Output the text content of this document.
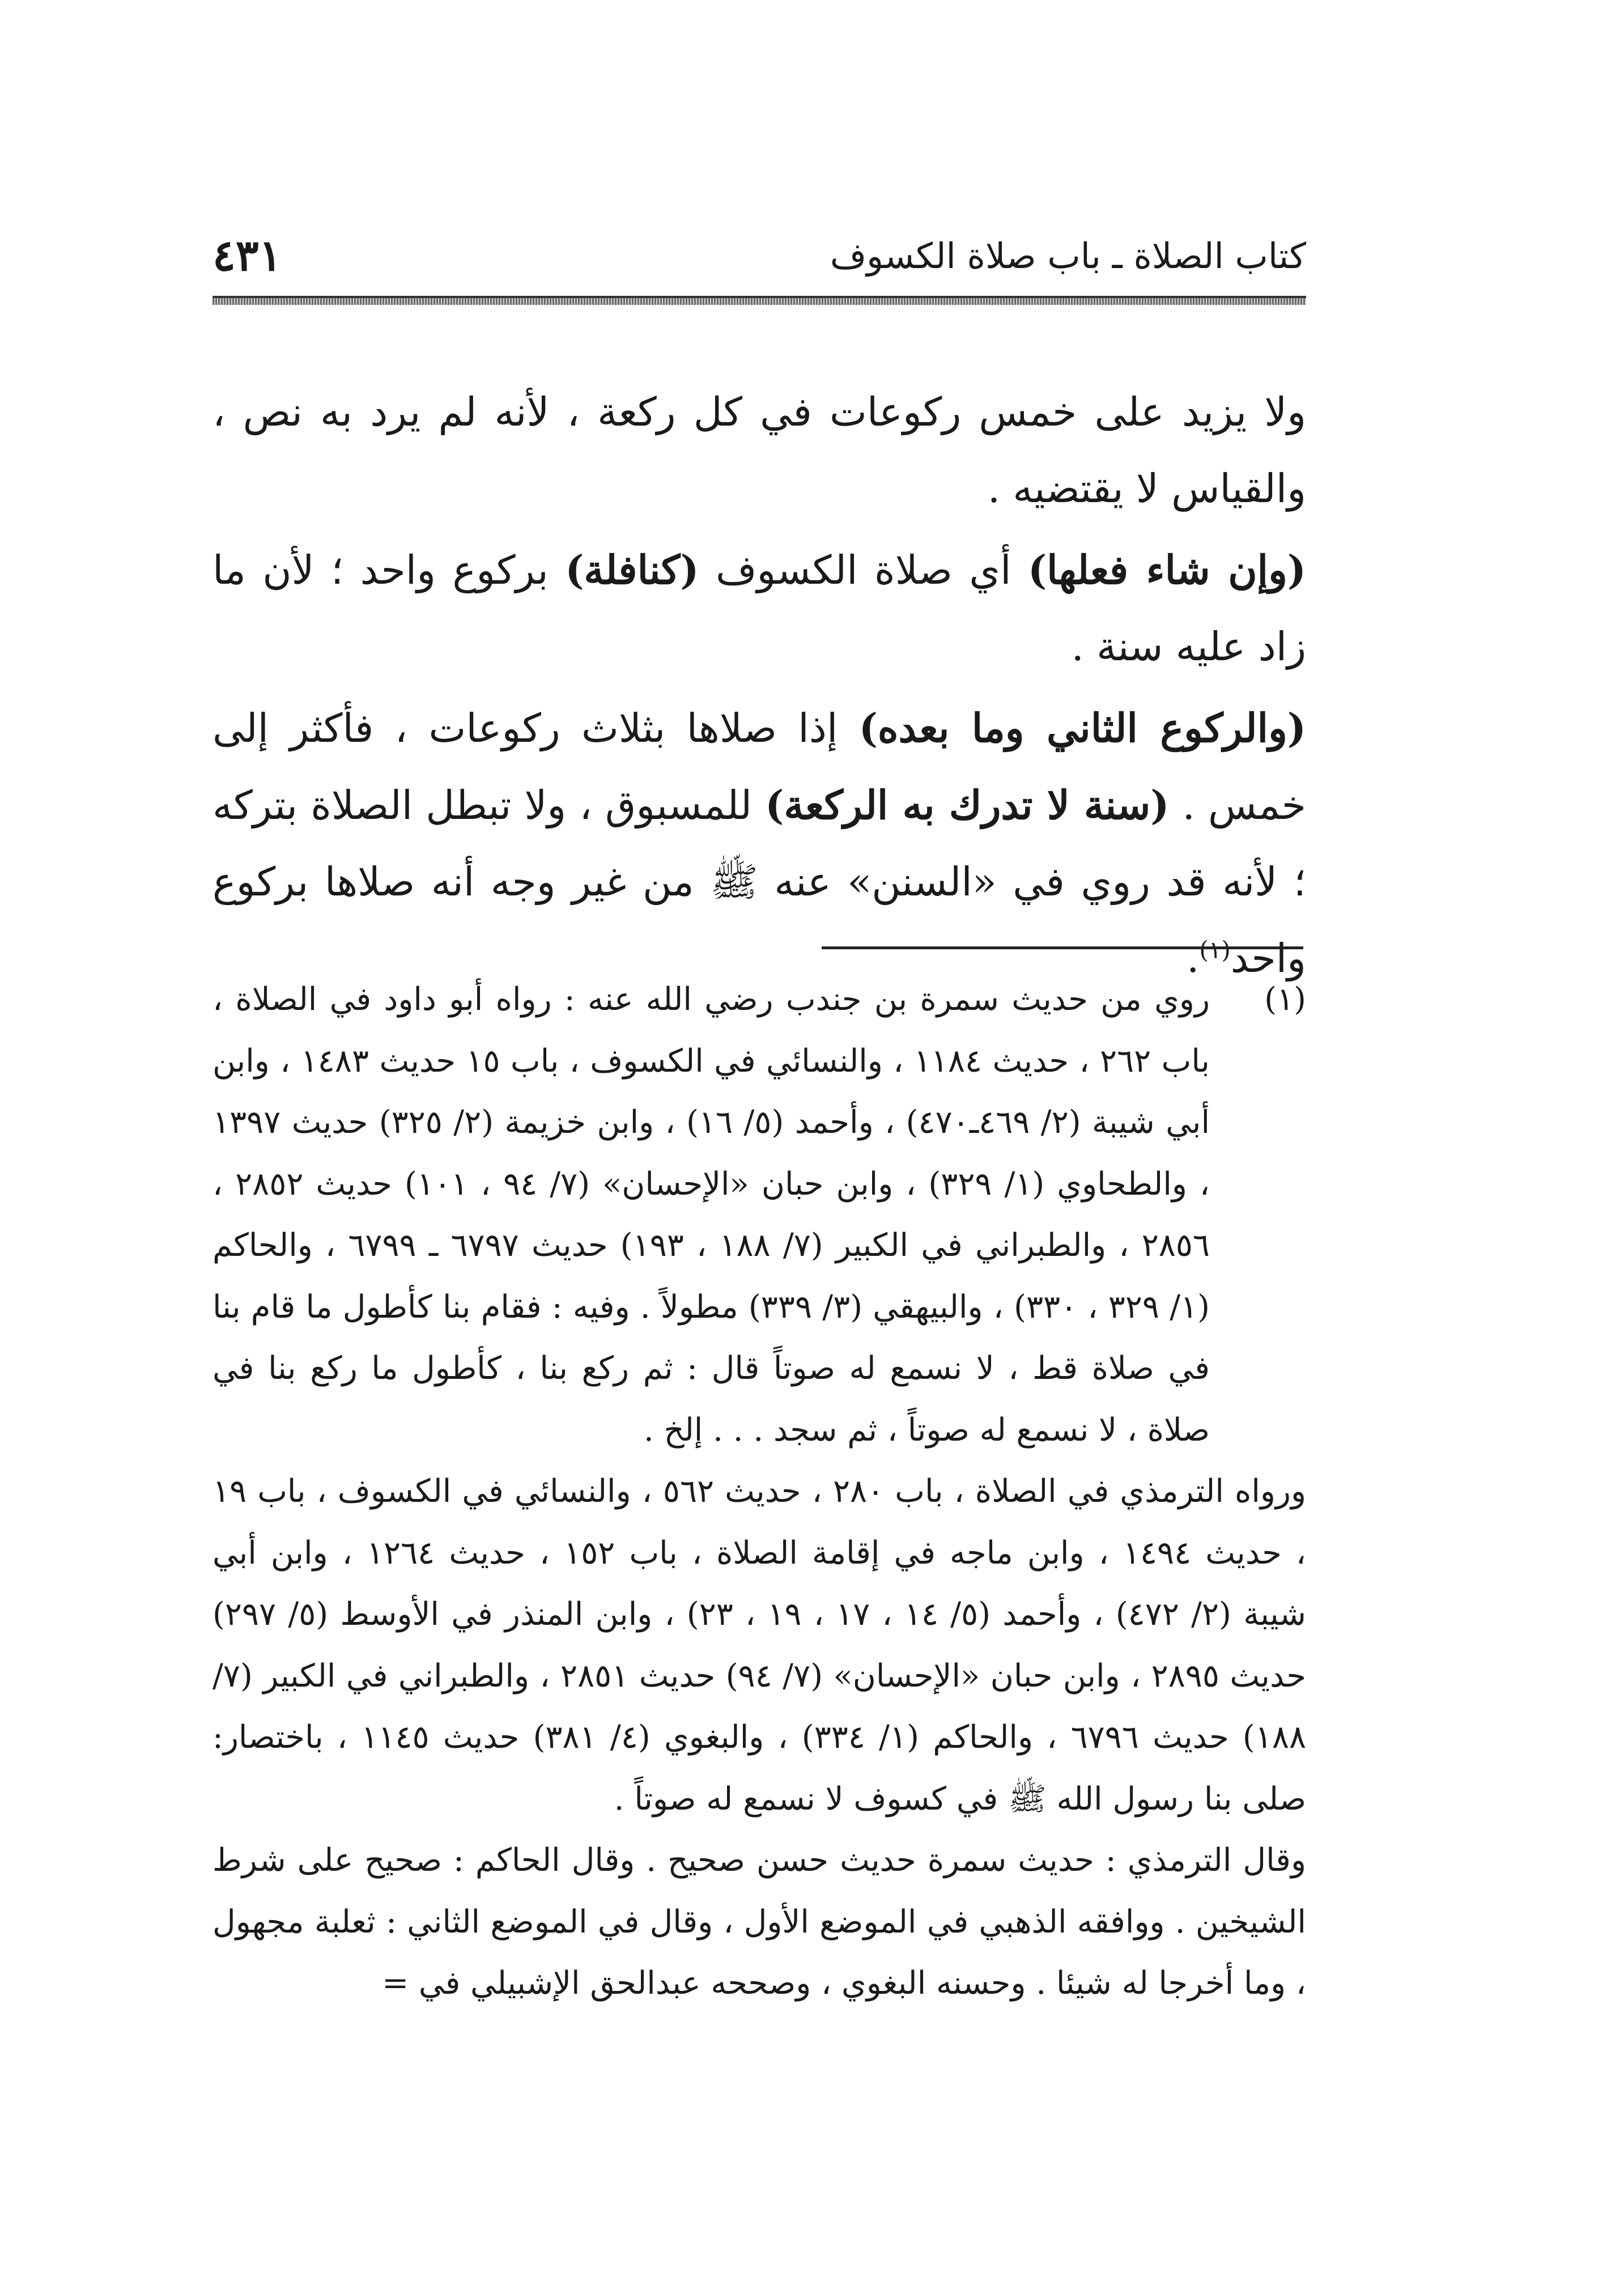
كتاب الصلاة ـ باب صلاة الكسوف
٤٣١

ولا يزيد على خمس ركوعات في كل ركعة ، لأنه لم يرد به نص ، والقياس لا يقتضيه .

(وإن شاء فعلها) أي صلاة الكسوف (كنافلة) بركوع واحد ؛ لأن ما زاد عليه سنة .

(والركوع الثاني وما بعده) إذا صلاها بثلاث ركوعات ، فأكثر إلى خمس . (سنة لا تدرك به الركعة) للمسبوق ، ولا تبطل الصلاة بتركه ؛ لأنه قد روي في «السنن» عنه ﷺ من غير وجه أنه صلاها بركوع واحد$^{(١)}$.

(١)
روي من حديث سمرة بن جندب رضي الله عنه : رواه أبو داود في الصلاة ، باب ٢٦٢ ، حديث ١١٨٤ ، والنسائي في الكسوف ، باب ١٥ حديث ١٤٨٣ ، وابن أبي شيبة (٢/ ٤٦٩ـ٤٧٠) ، وأحمد (٥/ ١٦) ، وابن خزيمة (٢/ ٣٢٥) حديث ١٣٩٧ ، والطحاوي (١/ ٣٢٩) ، وابن حبان «الإحسان» (٧/ ٩٤ ، ١٠١) حديث ٢٨٥٢ ، ٢٨٥٦ ، والطبراني في الكبير (٧/ ١٨٨ ، ١٩٣) حديث ٦٧٩٧ ـ ٦٧٩٩ ، والحاكم (١/ ٣٢٩ ، ٣٣٠) ، والبيهقي (٣/ ٣٣٩) مطولاً . وفيه : فقام بنا كأطول ما قام بنا في صلاة قط ، لا نسمع له صوتاً قال : ثم ركع بنا ، كأطول ما ركع بنا في صلاة ، لا نسمع له صوتاً ، ثم سجد . . . إلخ .

ورواه الترمذي في الصلاة ، باب ٢٨٠ ، حديث ٥٦٢ ، والنسائي في الكسوف ، باب ١٩ ، حديث ١٤٩٤ ، وابن ماجه في إقامة الصلاة ، باب ١٥٢ ، حديث ١٢٦٤ ، وابن أبي شيبة (٢/ ٤٧٢) ، وأحمد (٥/ ١٤ ، ١٧ ، ١٩ ، ٢٣) ، وابن المنذر في الأوسط (٥/ ٢٩٧) حديث ٢٨٩٥ ، وابن حبان «الإحسان» (٧/ ٩٤) حديث ٢٨٥١ ، والطبراني في الكبير (٧/ ١٨٨) حديث ٦٧٩٦ ، والحاكم (١/ ٣٣٤) ، والبغوي (٤/ ٣٨١) حديث ١١٤٥ ، باختصار: صلى بنا رسول الله ﷺ في كسوف لا نسمع له صوتاً .

وقال الترمذي : حديث سمرة حديث حسن صحيح . وقال الحاكم : صحيح على شرط الشيخين . ووافقه الذهبي في الموضع الأول ، وقال في الموضع الثاني : ثعلبة مجهول ، وما أخرجا له شيئا . وحسنه البغوي ، وصححه عبدالحق الإشبيلي في =
